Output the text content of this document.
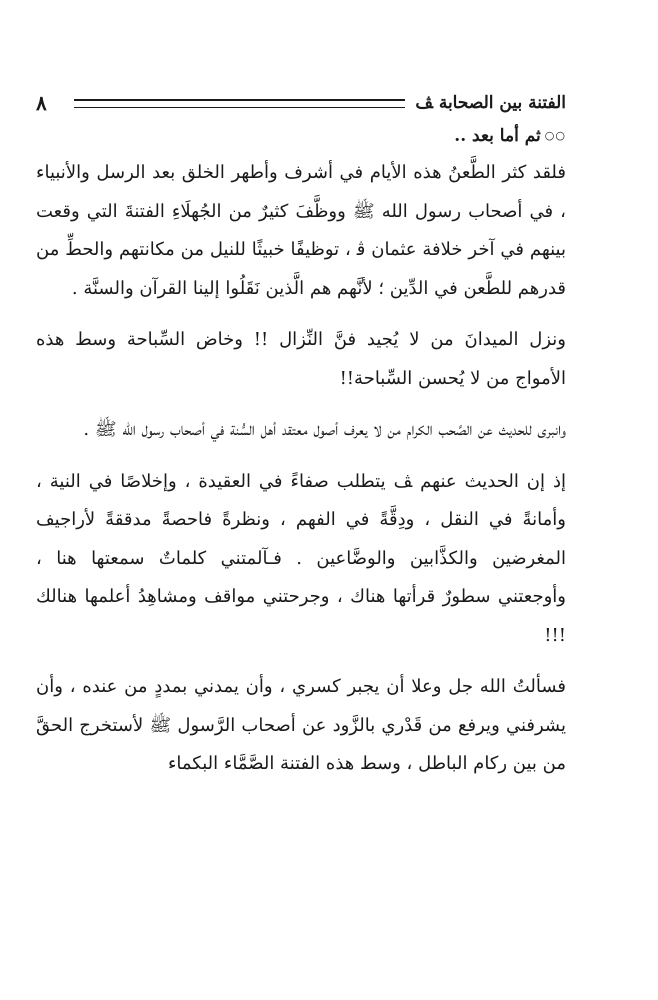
٨	الفتنة بين الصحابة ﭫ
○○
ثم أما بعد ..

فلقد كثر الطَّعنُ هذه الأيام في أشرف وأطهر الخلق بعد الرسل والأنبياء ، في أصحاب رسول الله ﷺ ووظَّفَ كثيرٌ من الجُهلَاءِ الفتنةَ التي وقعت بينهم في آخر خلافة عثمان ﭬ ، توظيفًا خبيثًا للنيل من مكانتهم والحطِّ من قدرهم للطَّعن في الدِّين ؛ لأنَّهم هم الَّذين نَقَلُوا إلينا القرآن والسنَّة .

ونزل الميدانَ من لا يُجيد فنَّ النِّزال !! وخاض السِّباحة وسط هذه الأمواج من لا يُحسن السِّباحة!!

وانبرى للحديث عن الصَّحب الكرام من لا يعرف أصول معتقد أهل السُّنة في أصحاب رسول الله ﷺ .

إذ إن الحديث عنهم ﭫ يتطلب صفاءً في العقيدة ، وإخلاصًا في النية ، وأمانةً في النقل ، ودِقَّةً في الفهم ، ونظرةً فاحصةً مدققةً لأراجيف المغرضين والكذَّابين والوضَّاعين . فـآلمتني كلماتٌ سمعتها هنا ، وأوجعتني سطورٌ قرأتها هناك ، وجرحتني مواقف ومشاهِدُ أعلمها هنالك !!!

فسألتُ الله جل وعلا أن يجبر كسري ، وأن يمدني بمددٍ من عنده ، وأن يشرفني ويرفع من قَدْري بالزَّود عن أصحاب الرَّسول ﷺ لأستخرج الحقَّ من بين ركام الباطل ، وسط هذه الفتنة الصَّمَّاء البكماء
